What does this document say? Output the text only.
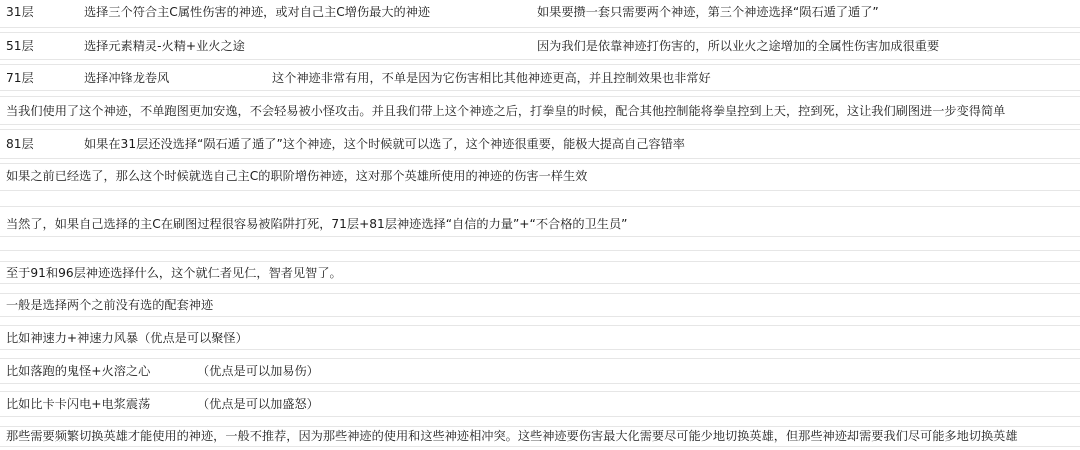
31层	选择三个符合主C属性伤害的神迹，或对自己主C增伤最大的神迹	如果要攒一套只需要两个神迹，第三个神迹选择“陨石遁了遁了”
51层	选择元素精灵-火精+业火之途	因为我们是依靠神迹打伤害的，所以业火之途增加的全属性伤害加成很重要
71层	选择冲锋龙卷风	这个神迹非常有用，不单是因为它伤害相比其他神迹更高，并且控制效果也非常好
当我们使用了这个神迹，不单跑图更加安逸，不会轻易被小怪攻击。并且我们带上这个神迹之后，打拳皇的时候，配合其他控制能将拳皇控到上天，控到死，这让我们刷图进一步变得简单
81层	如果在31层还没选择“陨石遁了遁了”这个神迹，这个时候就可以选了，这个神迹很重要，能极大提高自己容错率
如果之前已经选了，那么这个时候就选自己主C的职阶增伤神迹，这对那个英雄所使用的神迹的伤害一样生效
当然了，如果自己选择的主C在刷图过程很容易被陷阱打死，71层+81层神迹选择“自信的力量”+“不合格的卫生员”
至于91和96层神迹选择什么，这个就仁者见仁，智者见智了。
一般是选择两个之前没有选的配套神迹
比如神速力+神速力风暴（优点是可以聚怪）
比如落跑的鬼怪+火溶之心	（优点是可以加易伤）
比如比卡卡闪电+电浆震荡	（优点是可以加盛怒）
那些需要频繁切换英雄才能使用的神迹，一般不推荐，因为那些神迹的使用和这些神迹相冲突。这些神迹要伤害最大化需要尽可能少地切换英雄，但那些神迹却需要我们尽可能多地切换英雄
